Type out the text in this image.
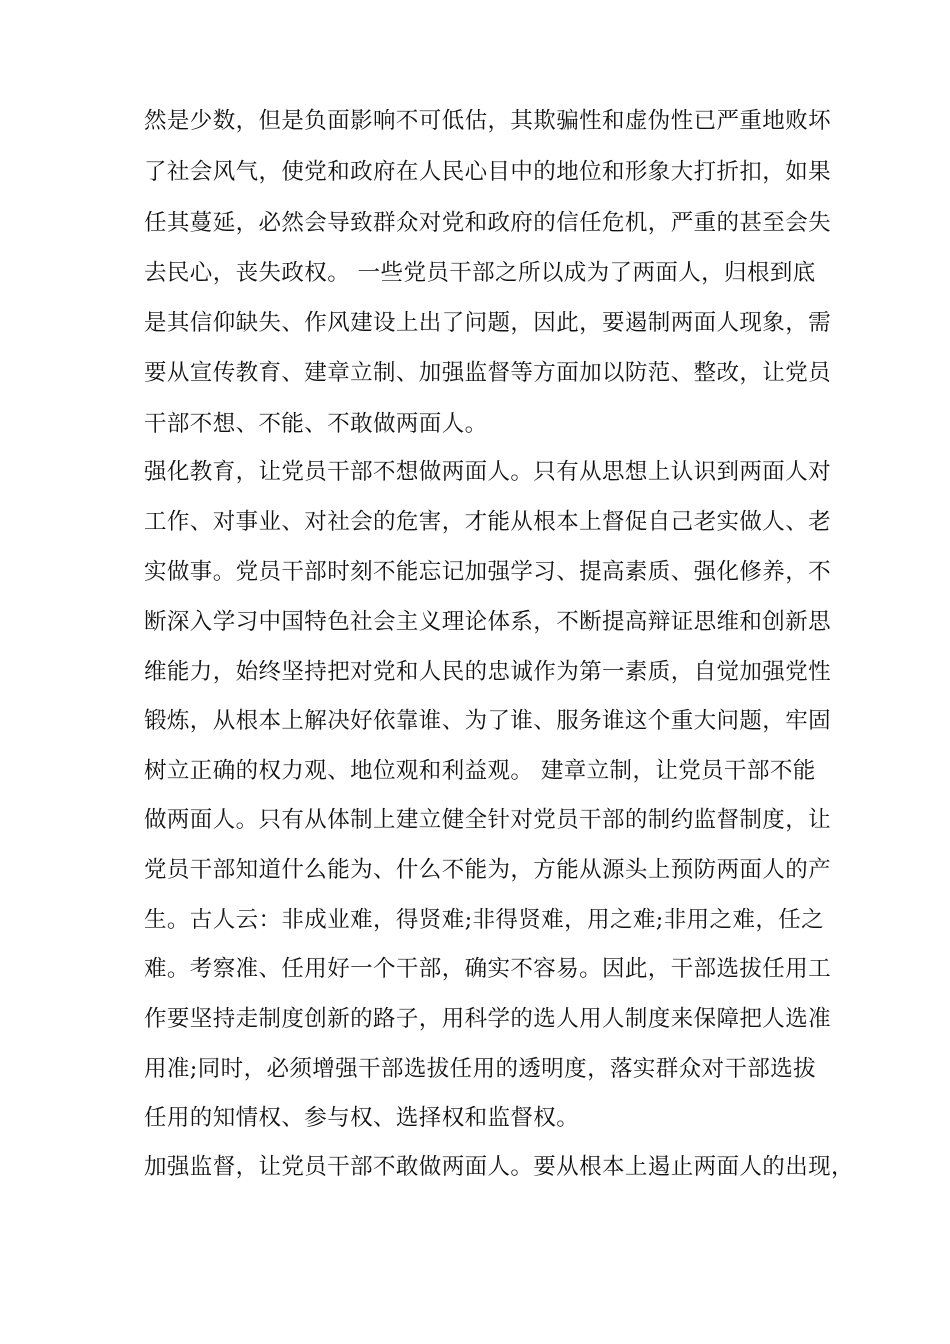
然是少数，但是负面影响不可低估，其欺骗性和虚伪性已严重地败坏
了社会风气，使党和政府在人民心目中的地位和形象大打折扣，如果
任其蔓延，必然会导致群众对党和政府的信任危机，严重的甚至会失
去民心，丧失政权。 一些党员干部之所以成为了两面人，归根到底
是其信仰缺失、作风建设上出了问题，因此，要遏制两面人现象，需
要从宣传教育、建章立制、加强监督等方面加以防范、整改，让党员
干部不想、不能、不敢做两面人。
强化教育，让党员干部不想做两面人。只有从思想上认识到两面人对
工作、对事业、对社会的危害，才能从根本上督促自己老实做人、老
实做事。党员干部时刻不能忘记加强学习、提高素质、强化修养，不
断深入学习中国特色社会主义理论体系，不断提高辩证思维和创新思
维能力，始终坚持把对党和人民的忠诚作为第一素质，自觉加强党性
锻炼，从根本上解决好依靠谁、为了谁、服务谁这个重大问题，牢固
树立正确的权力观、地位观和利益观。 建章立制，让党员干部不能
做两面人。只有从体制上建立健全针对党员干部的制约监督制度，让
党员干部知道什么能为、什么不能为，方能从源头上预防两面人的产
生。古人云：非成业难，得贤难;非得贤难，用之难;非用之难，任之
难。考察准、任用好一个干部，确实不容易。因此，干部选拔任用工
作要坚持走制度创新的路子，用科学的选人用人制度来保障把人选准
用准;同时，必须增强干部选拔任用的透明度，落实群众对干部选拔
任用的知情权、参与权、选择权和监督权。
加强监督，让党员干部不敢做两面人。要从根本上遏止两面人的出现，
